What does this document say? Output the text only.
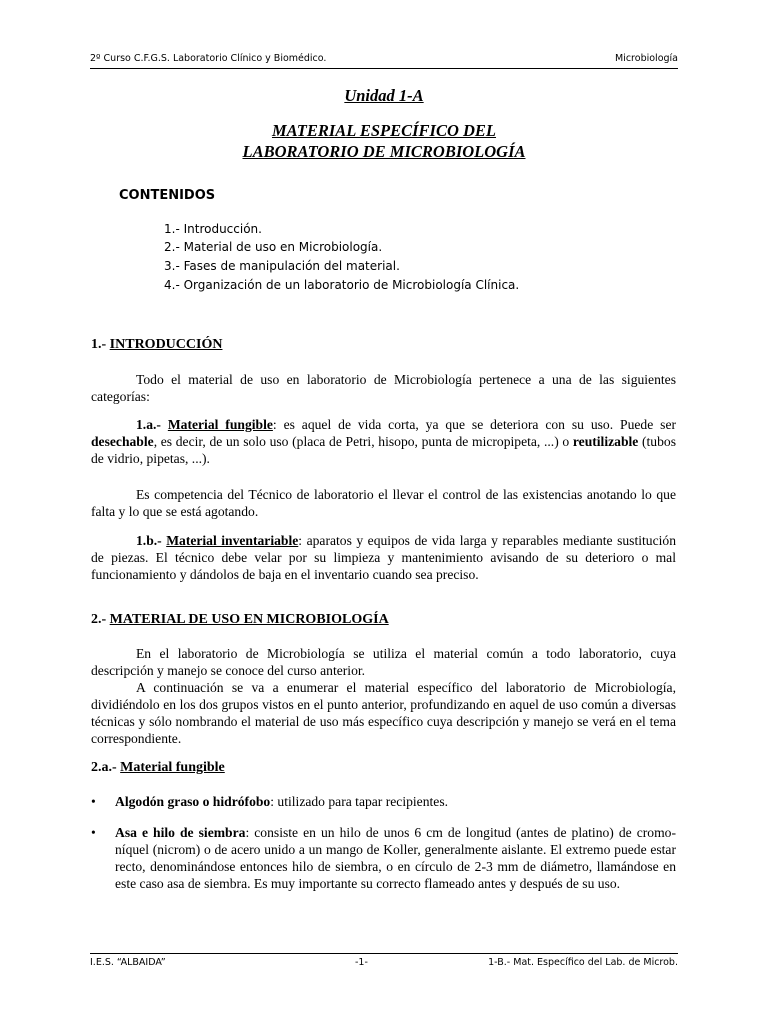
2º Curso C.F.G.S. Laboratorio Clínico y Biomédico.	Microbiología
Unidad 1-A
MATERIAL ESPECÍFICO DEL
LABORATORIO DE MICROBIOLOGÍA
CONTENIDOS
1.- Introducción.
2.- Material de uso en Microbiología.
3.- Fases de manipulación del material.
4.- Organización de un laboratorio de Microbiología Clínica.
1.- INTRODUCCIÓN
Todo el material de uso en laboratorio de Microbiología pertenece a una de las siguientes categorías:
1.a.- Material fungible: es aquel de vida corta, ya que se deteriora con su uso. Puede ser desechable, es decir, de un solo uso (placa de Petri, hisopo, punta de micropipeta, ...) o reutilizable (tubos de vidrio, pipetas, ...).
Es competencia del Técnico de laboratorio el llevar el control de las existencias anotando lo que falta y lo que se está agotando.
1.b.- Material inventariable: aparatos y equipos de vida larga y reparables mediante sustitución de piezas. El técnico debe velar por su limpieza y mantenimiento avisando de su deterioro o mal funcionamiento y dándolos de baja en el inventario cuando sea preciso.
2.- MATERIAL DE USO EN MICROBIOLOGÍA
En el laboratorio de Microbiología se utiliza el material común a todo laboratorio, cuya descripción y manejo se conoce del curso anterior.
A continuación se va a enumerar el material específico del laboratorio de Microbiología, dividiéndolo en los dos grupos vistos en el punto anterior, profundizando en aquel de uso común a diversas técnicas y sólo nombrando el material de uso más específico cuya descripción y manejo se verá en el tema correspondiente.
2.a.- Material fungible
• Algodón graso o hidrófobo: utilizado para tapar recipientes.
• Asa e hilo de siembra: consiste en un hilo de unos 6 cm de longitud (antes de platino) de cromo-níquel (nicrom) o de acero unido a un mango de Koller, generalmente aislante. El extremo puede estar recto, denominándose entonces hilo de siembra, o en círculo de 2-3 mm de diámetro, llamándose en este caso asa de siembra. Es muy importante su correcto flameado antes y después de su uso.
I.E.S. “ALBAIDA”	-1-	1-B.- Mat. Específico del Lab. de Microb.
